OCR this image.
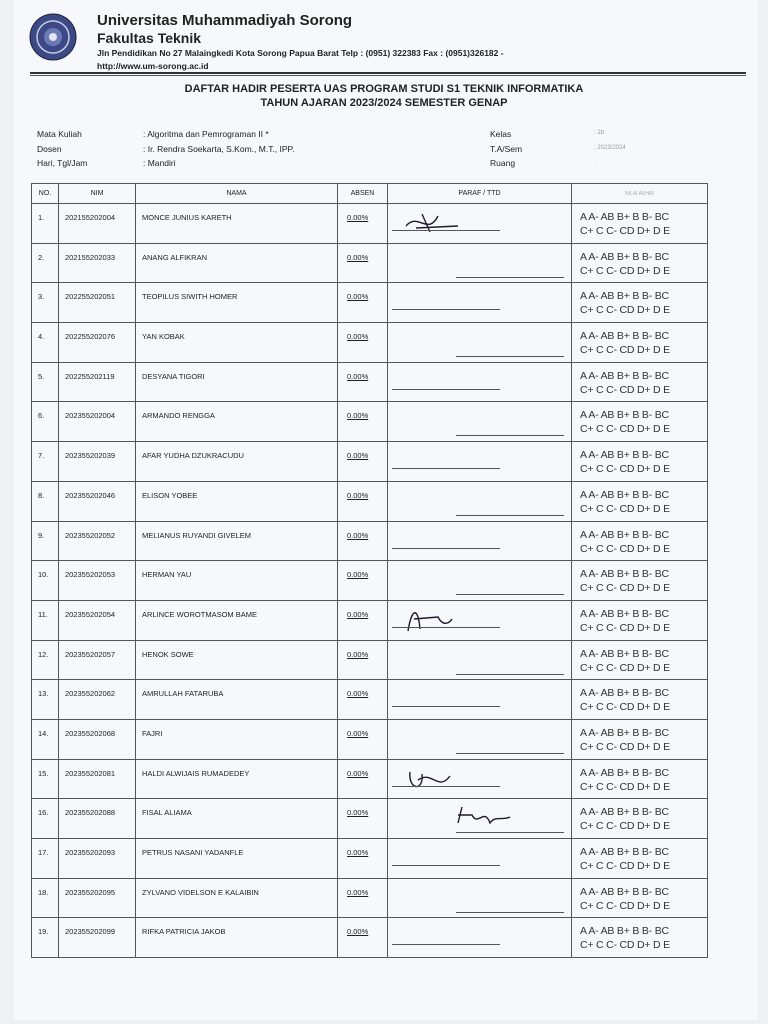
Universitas Muhammadiyah Sorong
Fakultas Teknik
Jln Pendidikan No 27 Malaingkedi Kota Sorong Papua Barat Telp : (0951) 322383 Fax : (0951)326182 -
http://www.um-sorong.ac.id
DAFTAR HADIR PESERTA UAS PROGRAM STUDI S1 TEKNIK INFORMATIKA
TAHUN AJARAN 2023/2024 SEMESTER GENAP
Mata Kuliah	: Algoritma dan Pemrograman II *
Dosen	: Ir. Rendra Soekarta, S.Kom., M.T., IPP.
Hari, Tgl/Jam	: Mandiri
Kelas	: 2b
T.A/Sem	: 2023/2024
Ruang	:
NO.	NIM	NAMA	ABSEN	PARAF / TTD	NILAI AKHIR

1.	202155202004	MONCE JUNIUS KARETH	0.00%		A A- AB B+ B B- BC
C+ C C- CD D+ D E

2.	202155202033	ANANG ALFIKRAN	0.00%		A A- AB B+ B B- BC
C+ C C- CD D+ D E

3.	202255202051	TEOPILUS SIWITH HOMER	0.00%		A A- AB B+ B B- BC
C+ C C- CD D+ D E

4.	202255202076	YAN KOBAK	0.00%		A A- AB B+ B B- BC
C+ C C- CD D+ D E

5.	202255202119	DESYANA TIGORI	0.00%		A A- AB B+ B B- BC
C+ C C- CD D+ D E

6.	202355202004	ARMANDO RENGGA	0.00%		A A- AB B+ B B- BC
C+ C C- CD D+ D E

7.	202355202039	AFAR YUDHA DZUKRACUDU	0.00%		A A- AB B+ B B- BC
C+ C C- CD D+ D E

8.	202355202046	ELISON YOBEE	0.00%		A A- AB B+ B B- BC
C+ C C- CD D+ D E

9.	202355202052	MELIANUS RUYANDI GIVELEM	0.00%		A A- AB B+ B B- BC
C+ C C- CD D+ D E

10.	202355202053	HERMAN YAU	0.00%		A A- AB B+ B B- BC
C+ C C- CD D+ D E

11.	202355202054	ARLINCE WOROTMASOM BAME	0.00%		A A- AB B+ B B- BC
C+ C C- CD D+ D E

12.	202355202057	HENOK SOWE	0.00%		A A- AB B+ B B- BC
C+ C C- CD D+ D E

13.	202355202062	AMRULLAH FATARUBA	0.00%		A A- AB B+ B B- BC
C+ C C- CD D+ D E

14.	202355202068	FAJRI	0.00%		A A- AB B+ B B- BC
C+ C C- CD D+ D E

15.	202355202081	HALDI ALWIJAIS RUMADEDEY	0.00%		A A- AB B+ B B- BC
C+ C C- CD D+ D E

16.	202355202088	FISAL ALIAMA	0.00%		A A- AB B+ B B- BC
C+ C C- CD D+ D E

17.	202355202093	PETRUS NASANI YADANFLE	0.00%		A A- AB B+ B B- BC
C+ C C- CD D+ D E

18.	202355202095	ZYLVANO VIDELSON E KALAIBIN	0.00%		A A- AB B+ B B- BC
C+ C C- CD D+ D E

19.	202355202099	RIFKA PATRICIA JAKOB	0.00%		A A- AB B+ B B- BC
C+ C C- CD D+ D E
